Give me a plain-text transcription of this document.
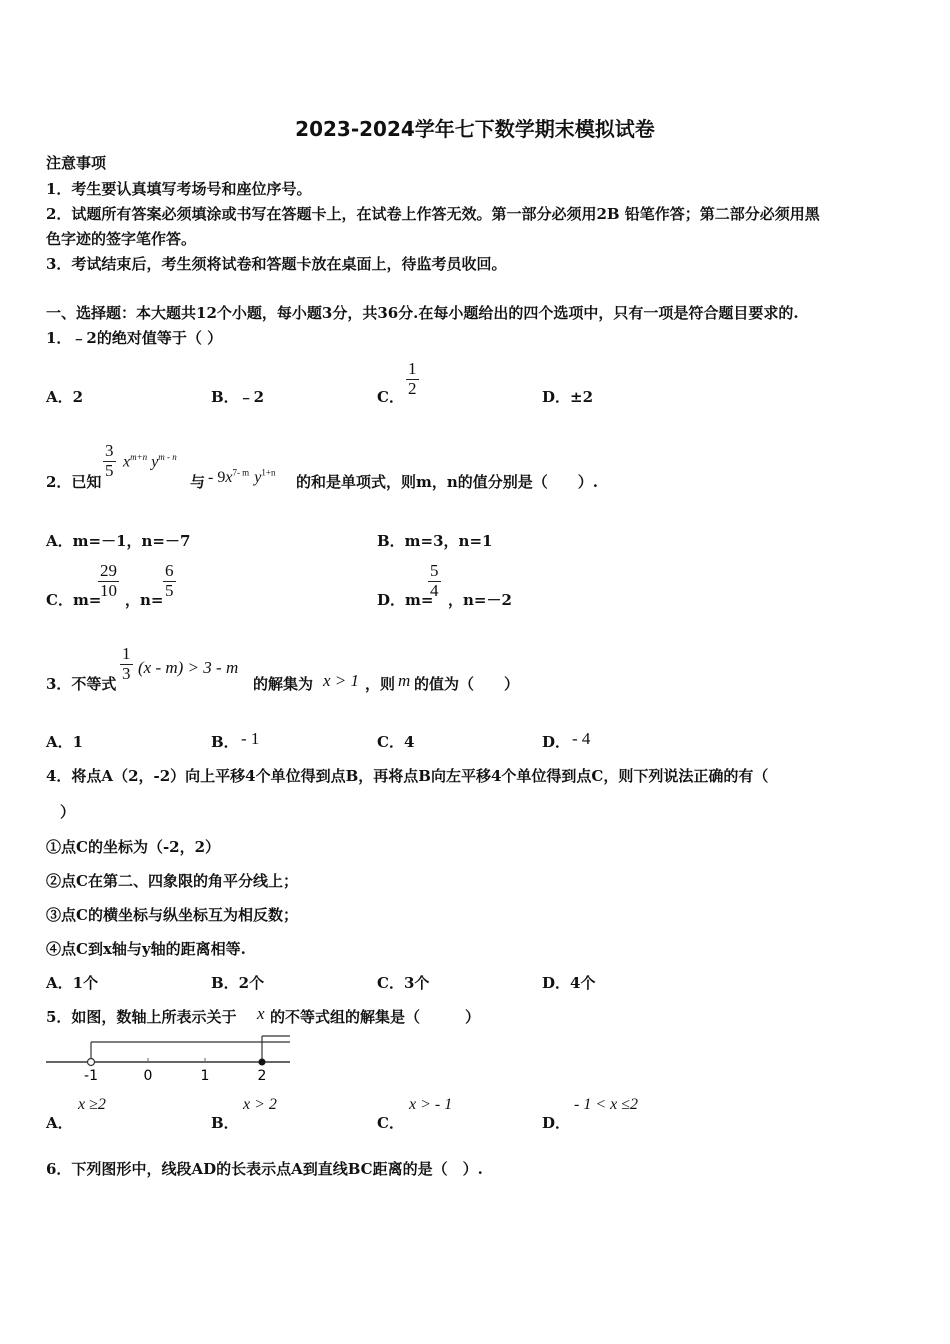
2023-2024学年七下数学期末模拟试卷
注意事项
1．考生要认真填写考场号和座位序号。
2．试题所有答案必须填涂或书写在答题卡上，在试卷上作答无效。第一部分必须用2B 铅笔作答；第二部分必须用黑
色字迹的签字笔作答。
3．考试结束后，考生须将试卷和答题卡放在桌面上，待监考员收回。
一、选择题：本大题共12个小题，每小题3分，共36分.在每小题给出的四个选项中，只有一项是符合题目要求的.
1．﹣2的绝对值等于（ ）
A．2	B．﹣2	C． $\frac{1}{2}$	D．±2
2．已知
$\frac{3}{5} x^{m+n}$ $y^{m - n}$
与 - $9x^{7- m}$ $y^{1+n}$
的和是单项式，则m，n的值分别是（　　）.
A．m=－1，n=－7	B．m=3，n=1
C．m=
$\frac{29}{10}$ ，$n= \frac{6}{5}$	D．m=
$\frac{5}{4}$ ，n=－2
3．不等式
$\frac{1}{3} (x - m) > 3 - m$
的解集为 x > 1 ，则 m 的值为（　　）
A．1	B． - 1	C．4	D． - 4
4．将点A（2，-2）向上平移4个单位得到点B，再将点B向左平移4个单位得到点C，则下列说法正确的有（
）
①点C的坐标为（-2，2）
②点C在第二、四象限的角平分线上；
③点C的横坐标与纵坐标互为相反数；
④点C到x轴与y轴的距离相等.
A．1个	B．2个	C．3个	D．4个
5．如图，数轴上所表示关于 x 的不等式组的解集是（　　　）
-1	0	1	2
A．
x ≥2
B．
x > 2
C．
x > - 1
D．
- 1 < x ≤2
6．下列图形中，线段AD的长表示点A到直线BC距离的是（　）.
